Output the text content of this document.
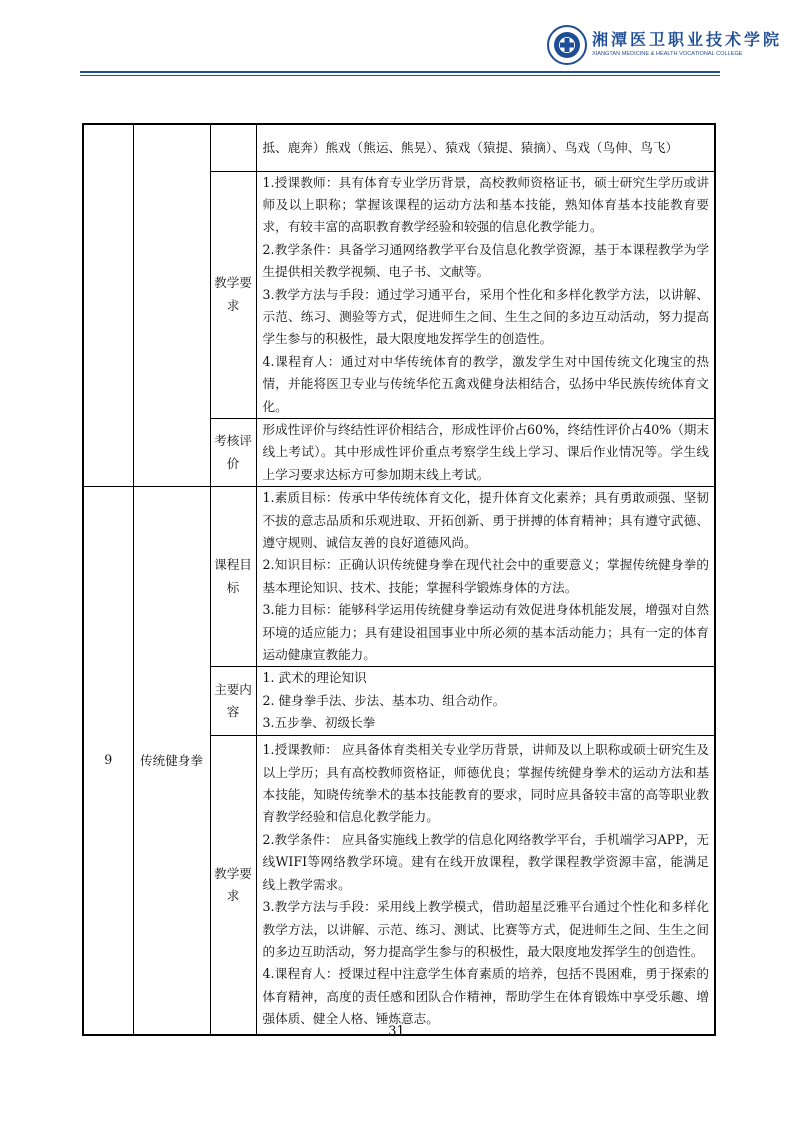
湘潭医卫职业技术学院
XIANGTAN MEDICINE & HEALTH VOCATIONAL COLLEGE

			抵、鹿奔）熊戏（熊运、熊晃）、猿戏（猿提、猿摘）、鸟戏（鸟伸、鸟飞）

		教学要求	1.授课教师：具有体育专业学历背景，高校教师资格证书，硕士研究生学历或讲师及以上职称；掌握该课程的运动方法和基本技能，熟知体育基本技能教育要求，有较丰富的高职教育教学经验和较强的信息化教学能力。
2.教学条件：具备学习通网络教学平台及信息化教学资源，基于本课程教学为学生提供相关教学视频、电子书、文献等。
3.教学方法与手段：通过学习通平台，采用个性化和多样化教学方法，以讲解、示范、练习、测验等方式，促进师生之间、生生之间的多边互动活动，努力提高学生参与的积极性，最大限度地发挥学生的创造性。
4.课程育人：通过对中华传统体育的教学，激发学生对中国传统文化瑰宝的热情，并能将医卫专业与传统华佗五禽戏健身法相结合，弘扬中华民族传统体育文化。

		考核评价	形成性评价与终结性评价相结合，形成性评价占60%，终结性评价占40%（期末线上考试）。其中形成性评价重点考察学生线上学习、课后作业情况等。学生线上学习要求达标方可参加期末线上考试。

9	传统健身拳	课程目标	1.素质目标：传承中华传统体育文化，提升体育文化素养；具有勇敢顽强、坚韧不拔的意志品质和乐观进取、开拓创新、勇于拼搏的体育精神；具有遵守武德、遵守规则、诚信友善的良好道德风尚。
2.知识目标：正确认识传统健身拳在现代社会中的重要意义；掌握传统健身拳的基本理论知识、技术、技能；掌握科学锻炼身体的方法。
3.能力目标：能够科学运用传统健身拳运动有效促进身体机能发展，增强对自然环境的适应能力；具有建设祖国事业中所必须的基本活动能力；具有一定的体育运动健康宣教能力。

		主要内容	1. 武术的理论知识
2. 健身拳手法、步法、基本功、组合动作。
3.五步拳、初级长拳

		教学要求	1.授课教师： 应具备体育类相关专业学历背景，讲师及以上职称或硕士研究生及以上学历；具有高校教师资格证，师德优良；掌握传统健身拳术的运动方法和基本技能，知晓传统拳术的基本技能教育的要求，同时应具备较丰富的高等职业教育教学经验和信息化教学能力。
2.教学条件： 应具备实施线上教学的信息化网络教学平台，手机端学习APP，无线WIFI等网络教学环境。建有在线开放课程，教学课程教学资源丰富，能满足线上教学需求。
3.教学方法与手段：采用线上教学模式，借助超星泛雅平台通过个性化和多样化教学方法，以讲解、示范、练习、测试、比赛等方式，促进师生之间、生生之间的多边互助活动，努力提高学生参与的积极性，最大限度地发挥学生的创造性。
4.课程育人：授课过程中注意学生体育素质的培养，包括不畏困难，勇于探索的体育精神，高度的责任感和团队合作精神，帮助学生在体育锻炼中享受乐趣、增强体质、健全人格、锤炼意志。
31
